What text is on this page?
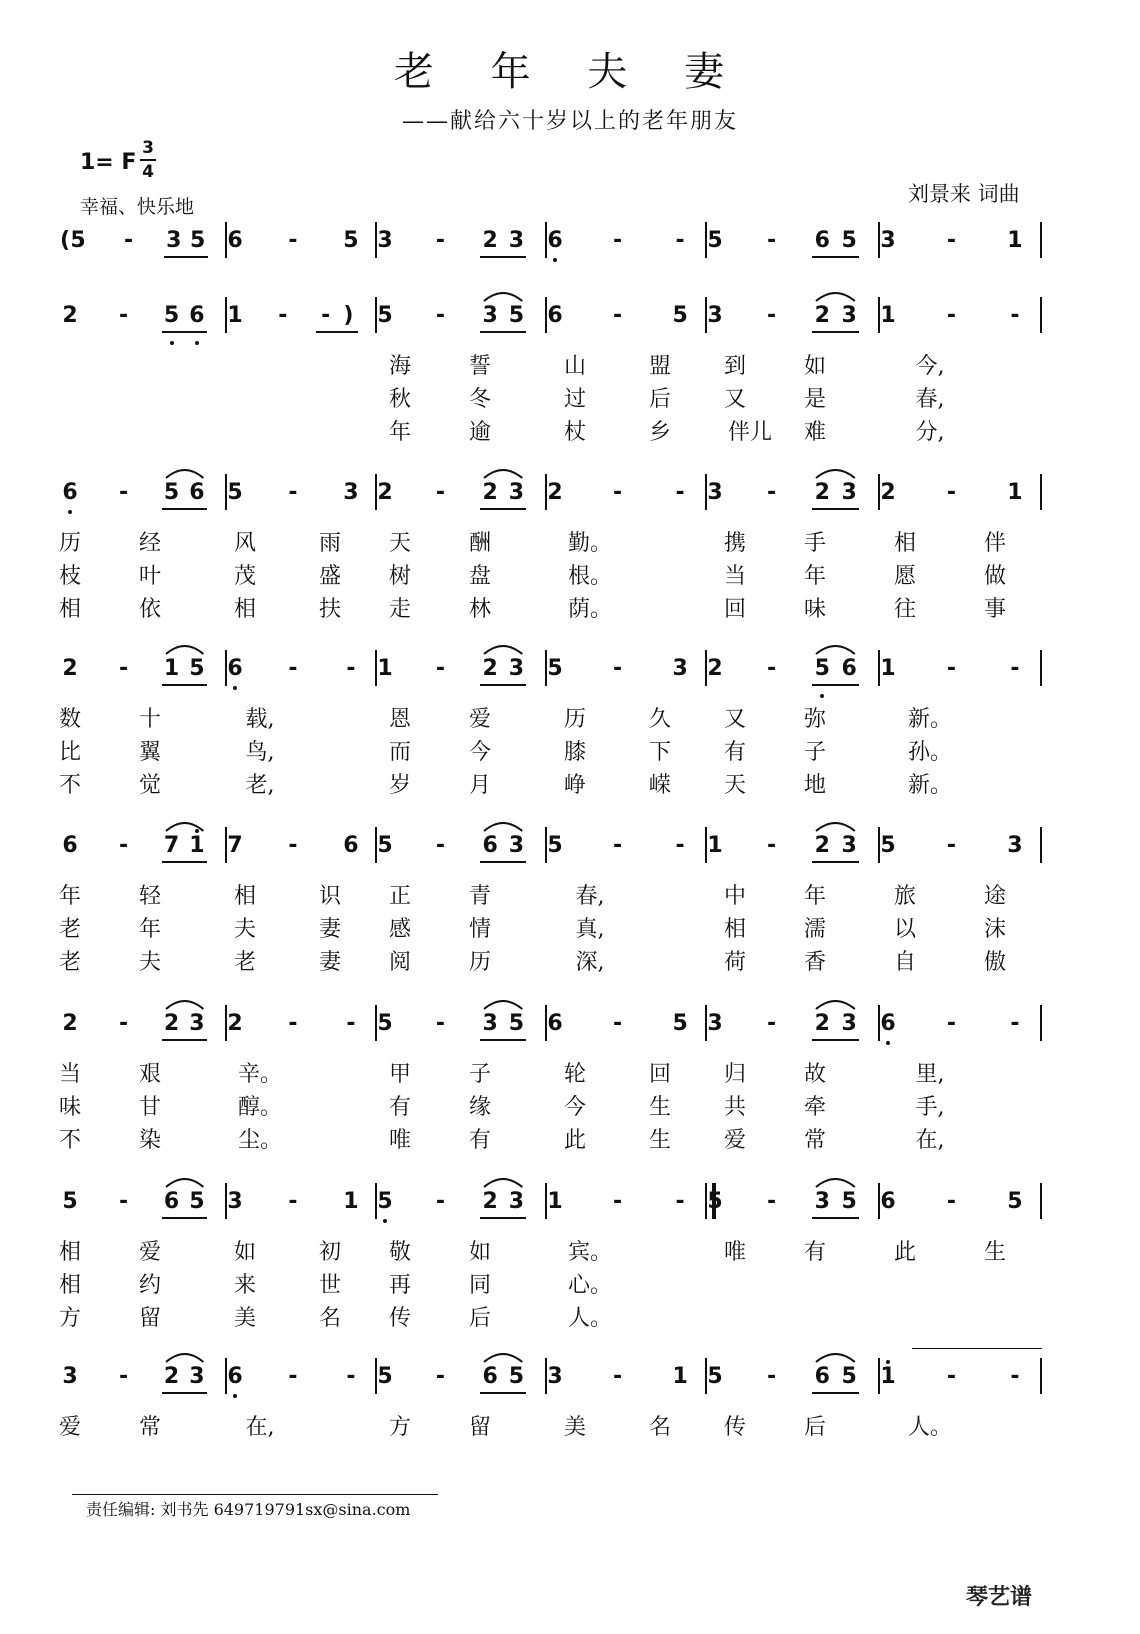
老 年 夫 妻
——献给六十岁以上的老年朋友
1= F
3
4
幸福、快乐地
刘景来 词曲
( 5 - 3 5 6 - 5 3 - 2 3 6 - - 5 - 6 5 3 - 1
2 - 5 6 1 - - ) 5 - 3 5 6 - 5 3 - 2 3 1 - -
海	誓	山	盟 到	如	今,
秋	冬	过	后 又	是	春,
年	逾	杖	乡	伴儿	难	分,
6 - 5 6 5 - 3 2 - 2 3 2 - - 3 - 2 3 2 - 1
历	经	风	雨 天	酬	勤。	携	手	相	伴
枝	叶	茂	盛 树	盘	根。	当	年	愿	做
相	依	相	扶 走	林	荫。	回	味	往	事
2 - 1 5 6 - - 1 - 2 3 5 - 3 2 - 5 6 1 - -
数	十	载,	恩	爱	历	久 又	弥	新。
比	翼	鸟,	而	今	膝	下 有	子	孙。
不	觉	老,	岁	月	峥	嵘 天	地	新。
6 - 7 1 7 - 6 5 - 6 3 5 - - 1 - 2 3 5 - 3
年	轻	相	识 正	青	春,	中	年	旅	途
老	年	夫	妻 感	情	真,	相	濡	以	沫
老	夫	老	妻 阅	历	深,	荷	香	自	傲
2 - 2 3 2 - - 5 - 3 5 6 - 5 3 - 2 3 6 - -
当	艰	辛。	甲	子	轮	回 归	故	里,
味	甘	醇。	有	缘	今	生 共	牵	手,
不	染	尘。	唯	有	此	生 爱	常	在,
5 - 6 5 3 - 1 5 - 2 3 1 - - 5 - 3 5 6 - 5
相	爱	如	初 敬	如	宾。	唯	有	此	生
相	约	来	世 再	同	心。
方	留	美	名 传	后	人。
3 - 2 3 6 - - 5 - 6 5 3 - 1 5 - 6 5 1 - -
爱	常	在,	方	留	美	名 传	后	人。
责任编辑: 刘书先 649719791sx@sina.com
琴艺谱
